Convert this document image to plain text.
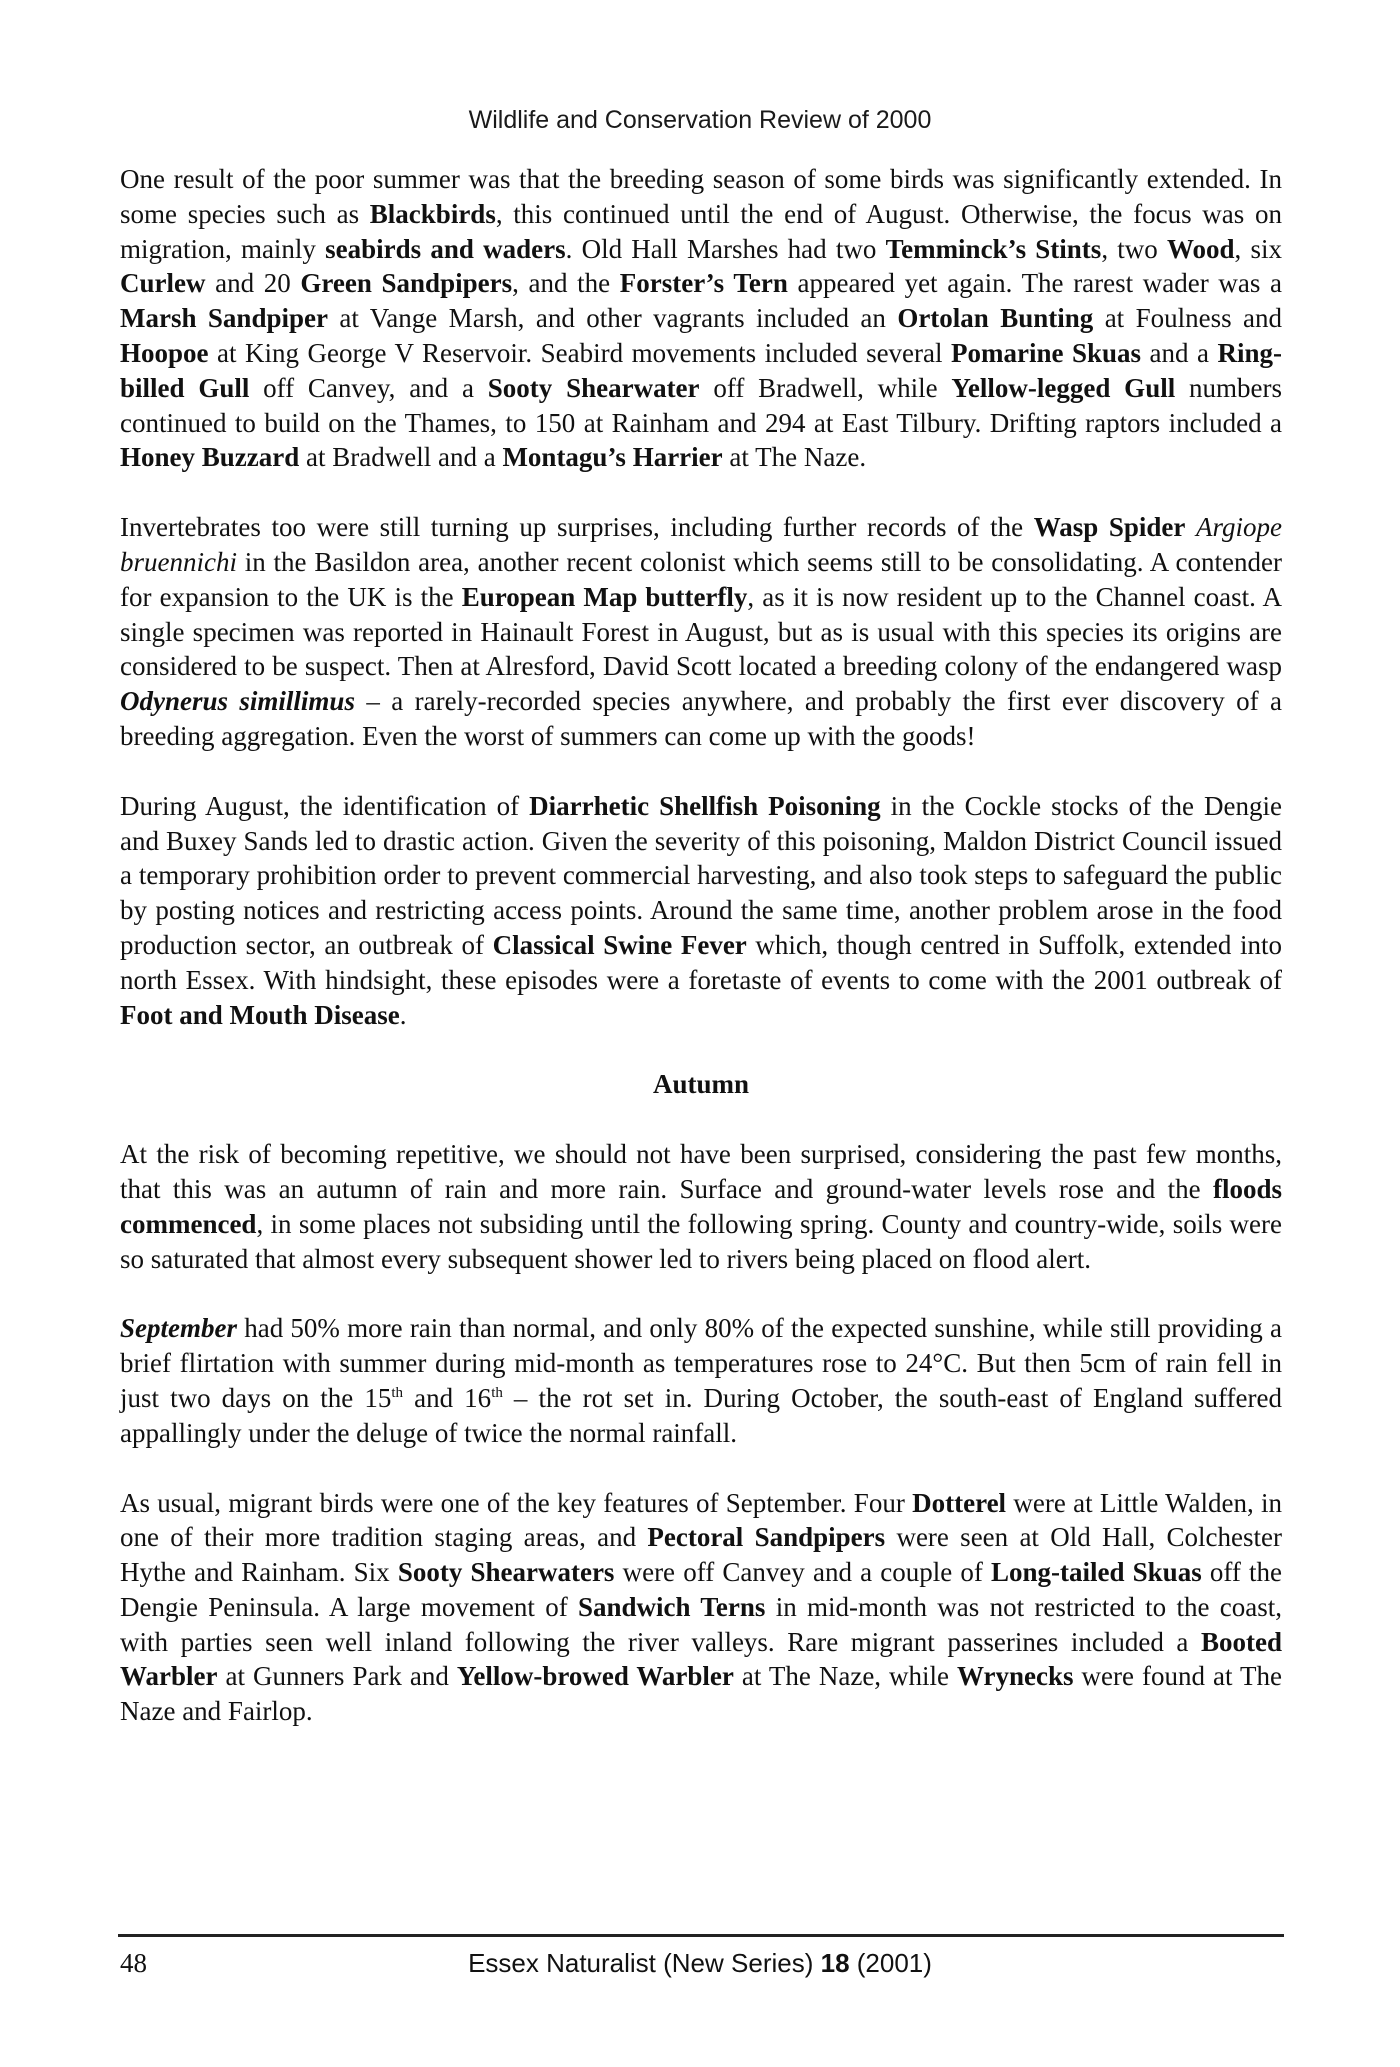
Wildlife and Conservation Review of 2000

One result of the poor summer was that the breeding season of some birds was significantly extended. In some species such as Blackbirds, this continued until the end of August. Otherwise, the focus was on migration, mainly seabirds and waders. Old Hall Marshes had two Temminck’s Stints, two Wood, six Curlew and 20 Green Sandpipers, and the Forster’s Tern appeared yet again. The rarest wader was a Marsh Sandpiper at Vange Marsh, and other vagrants included an Ortolan Bunting at Foulness and Hoopoe at King George V Reservoir. Seabird movements included several Pomarine Skuas and a Ring-billed Gull off Canvey, and a Sooty Shearwater off Bradwell, while Yellow-legged Gull numbers continued to build on the Thames, to 150 at Rainham and 294 at East Tilbury. Drifting raptors included a Honey Buzzard at Bradwell and a Montagu’s Harrier at The Naze.

Invertebrates too were still turning up surprises, including further records of the Wasp Spider Argiope bruennichi in the Basildon area, another recent colonist which seems still to be consolidating. A contender for expansion to the UK is the European Map butterfly, as it is now resident up to the Channel coast. A single specimen was reported in Hainault Forest in August, but as is usual with this species its origins are considered to be suspect. Then at Alresford, David Scott located a breeding colony of the endangered wasp Odynerus simillimus – a rarely-recorded species anywhere, and probably the first ever discovery of a breeding aggregation. Even the worst of summers can come up with the goods!

During August, the identification of Diarrhetic Shellfish Poisoning in the Cockle stocks of the Dengie and Buxey Sands led to drastic action. Given the severity of this poisoning, Maldon District Council issued a temporary prohibition order to prevent commercial harvesting, and also took steps to safeguard the public by posting notices and restricting access points. Around the same time, another problem arose in the food production sector, an outbreak of Classical Swine Fever which, though centred in Suffolk, extended into north Essex. With hindsight, these episodes were a foretaste of events to come with the 2001 outbreak of Foot and Mouth Disease.

Autumn

At the risk of becoming repetitive, we should not have been surprised, considering the past few months, that this was an autumn of rain and more rain. Surface and ground-water levels rose and the floods commenced, in some places not subsiding until the following spring. County and country-wide, soils were so saturated that almost every subsequent shower led to rivers being placed on flood alert.

September had 50% more rain than normal, and only 80% of the expected sunshine, while still providing a brief flirtation with summer during mid-month as temperatures rose to 24°C. But then 5cm of rain fell in just two days on the 15th and 16th – the rot set in. During October, the south-east of England suffered appallingly under the deluge of twice the normal rainfall.

As usual, migrant birds were one of the key features of September. Four Dotterel were at Little Walden, in one of their more tradition staging areas, and Pectoral Sandpipers were seen at Old Hall, Colchester Hythe and Rainham. Six Sooty Shearwaters were off Canvey and a couple of Long-tailed Skuas off the Dengie Peninsula. A large movement of Sandwich Terns in mid-month was not restricted to the coast, with parties seen well inland following the river valleys. Rare migrant passerines included a Booted Warbler at Gunners Park and Yellow-browed Warbler at The Naze, while Wrynecks were found at The Naze and Fairlop.

48	Essex Naturalist (New Series) 18 (2001)
